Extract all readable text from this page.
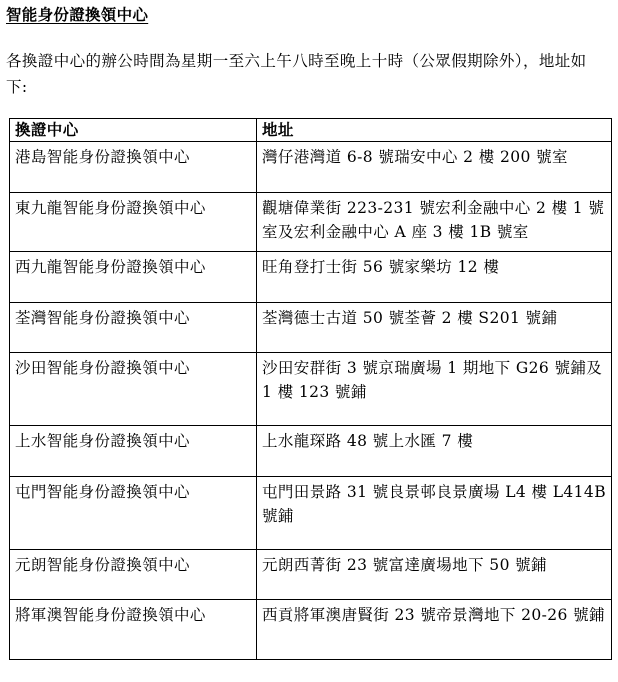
智能身份證換領中心
各換證中心的辦公時間為星期一至六上午八時至晚上十時（公眾假期除外），地址如下:
換證中心	地址
港島智能身份證換領中心	灣仔港灣道 6-8 號瑞安中心 2 樓 200 號室
東九龍智能身份證換領中心	觀塘偉業街 223-231 號宏利金融中心 2 樓 1 號室及宏利金融中心 A 座 3 樓 1B 號室
西九龍智能身份證換領中心	旺角登打士街 56 號家樂坊 12 樓
荃灣智能身份證換領中心	荃灣德士古道 50 號荃薈 2 樓 S201 號鋪
沙田智能身份證換領中心	沙田安群街 3 號京瑞廣場 1 期地下 G26 號鋪及 1 樓 123 號鋪
上水智能身份證換領中心	上水龍琛路 48 號上水匯 7 樓
屯門智能身份證換領中心	屯門田景路 31 號良景邨良景廣場 L4 樓 L414B 號鋪
元朗智能身份證換領中心	元朗西菁街 23 號富達廣場地下 50 號鋪
將軍澳智能身份證換領中心	西貢將軍澳唐賢街 23 號帝景灣地下 20-26 號鋪
